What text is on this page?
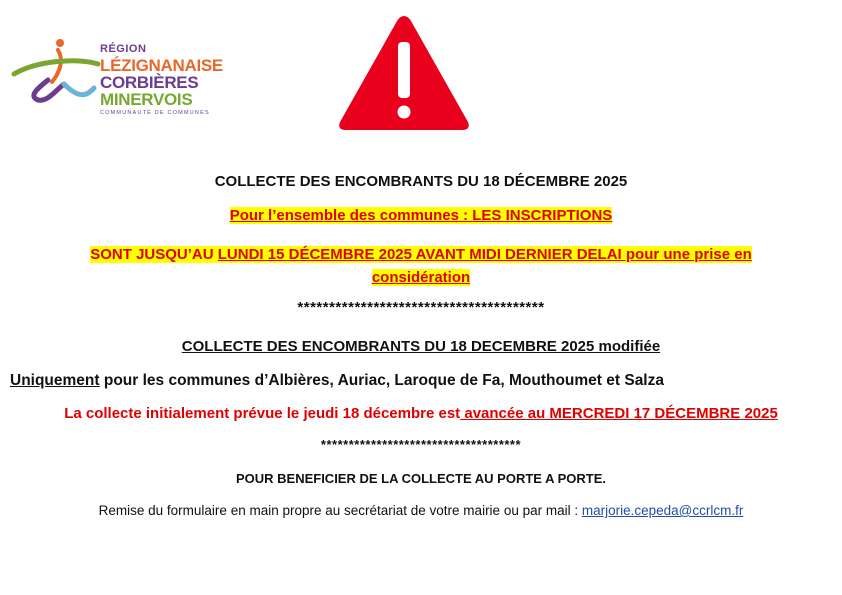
RÉGION
LÉZIGNANAISE
CORBIÈRES
MINERVOIS
COMMUNAUTÉ DE COMMUNES
COLLECTE DES ENCOMBRANTS DU 18 DÉCEMBRE 2025
Pour l’ensemble des communes : LES INSCRIPTIONS
SONT JUSQU’AU LUNDI 15 DÉCEMBRE 2025 AVANT MIDI DERNIER DELAI pour une prise en
considération
***************************************
COLLECTE DES ENCOMBRANTS DU 18 DECEMBRE 2025 modifiée
Uniquement pour les communes d’Albières, Auriac, Laroque de Fa, Mouthoumet et Salza
La collecte initialement prévue le jeudi 18 décembre est avancée au MERCREDI 17 DÉCEMBRE 2025
************************************
POUR BENEFICIER DE LA COLLECTE AU PORTE A PORTE.
Remise du formulaire en main propre au secrétariat de votre mairie ou par mail : marjorie.cepeda@ccrlcm.fr
